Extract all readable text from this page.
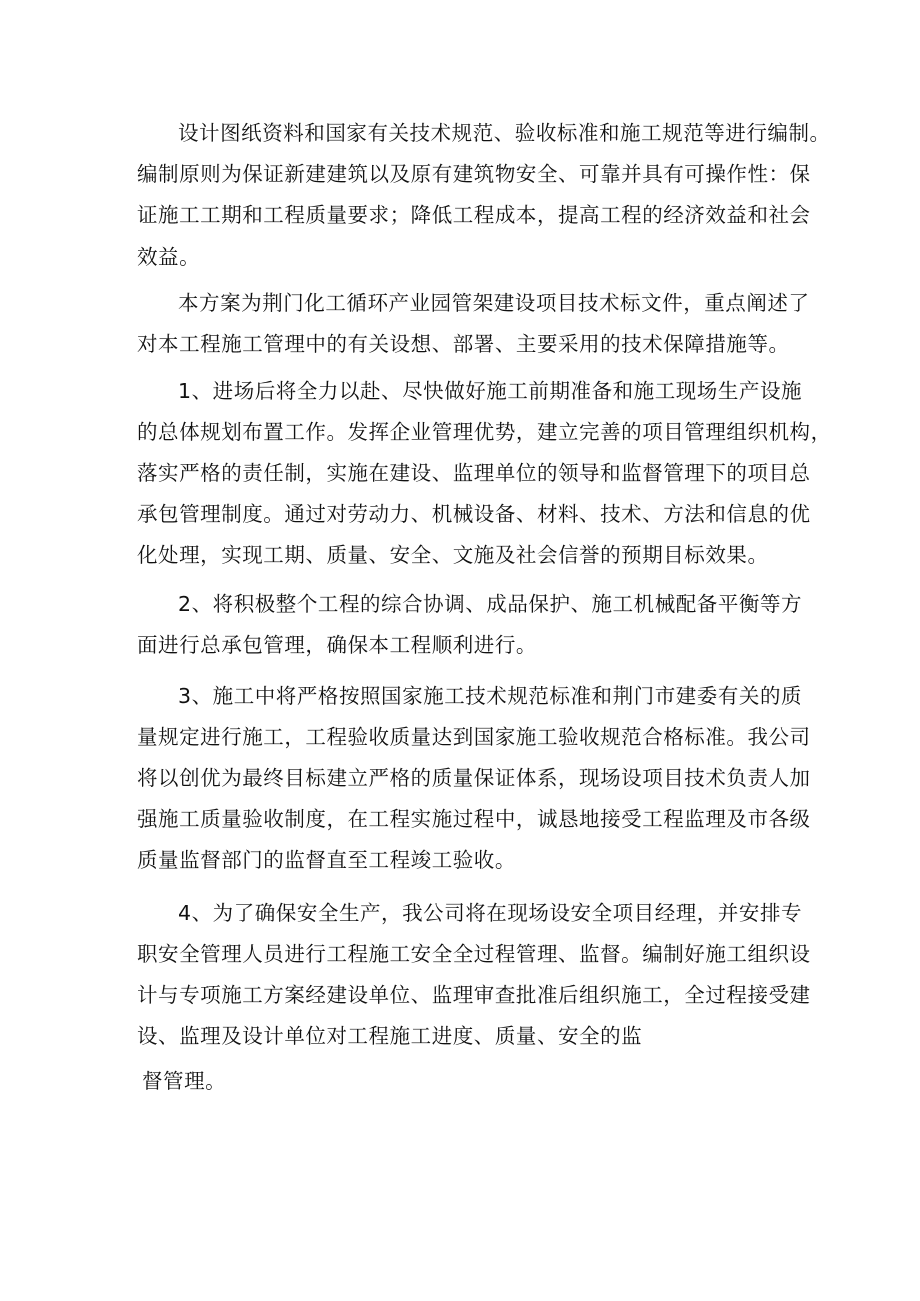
设计图纸资料和国家有关技术规范、验收标准和施工规范等进行编制。
编制原则为保证新建建筑以及原有建筑物安全、可靠并具有可操作性：保
证施工工期和工程质量要求；降低工程成本，提高工程的经济效益和社会
效益。
本方案为荆门化工循环产业园管架建设项目技术标文件，重点阐述了
对本工程施工管理中的有关设想、部署、主要采用的技术保障措施等。
1、进场后将全力以赴、尽快做好施工前期准备和施工现场生产设施
的总体规划布置工作。发挥企业管理优势，建立完善的项目管理组织机构，
落实严格的责任制，实施在建设、监理单位的领导和监督管理下的项目总
承包管理制度。通过对劳动力、机械设备、材料、技术、方法和信息的优
化处理，实现工期、质量、安全、文施及社会信誉的预期目标效果。
2、将积极整个工程的综合协调、成品保护、施工机械配备平衡等方
面进行总承包管理，确保本工程顺利进行。
3、施工中将严格按照国家施工技术规范标准和荆门市建委有关的质
量规定进行施工，工程验收质量达到国家施工验收规范合格标准。我公司
将以创优为最终目标建立严格的质量保证体系，现场设项目技术负责人加
强施工质量验收制度，在工程实施过程中，诚恳地接受工程监理及市各级
质量监督部门的监督直至工程竣工验收。
4、为了确保安全生产，我公司将在现场设安全项目经理，并安排专
职安全管理人员进行工程施工安全全过程管理、监督。编制好施工组织设
计与专项施工方案经建设单位、监理审查批准后组织施工，全过程接受建
设、监理及设计单位对工程施工进度、质量、安全的监
督管理。
